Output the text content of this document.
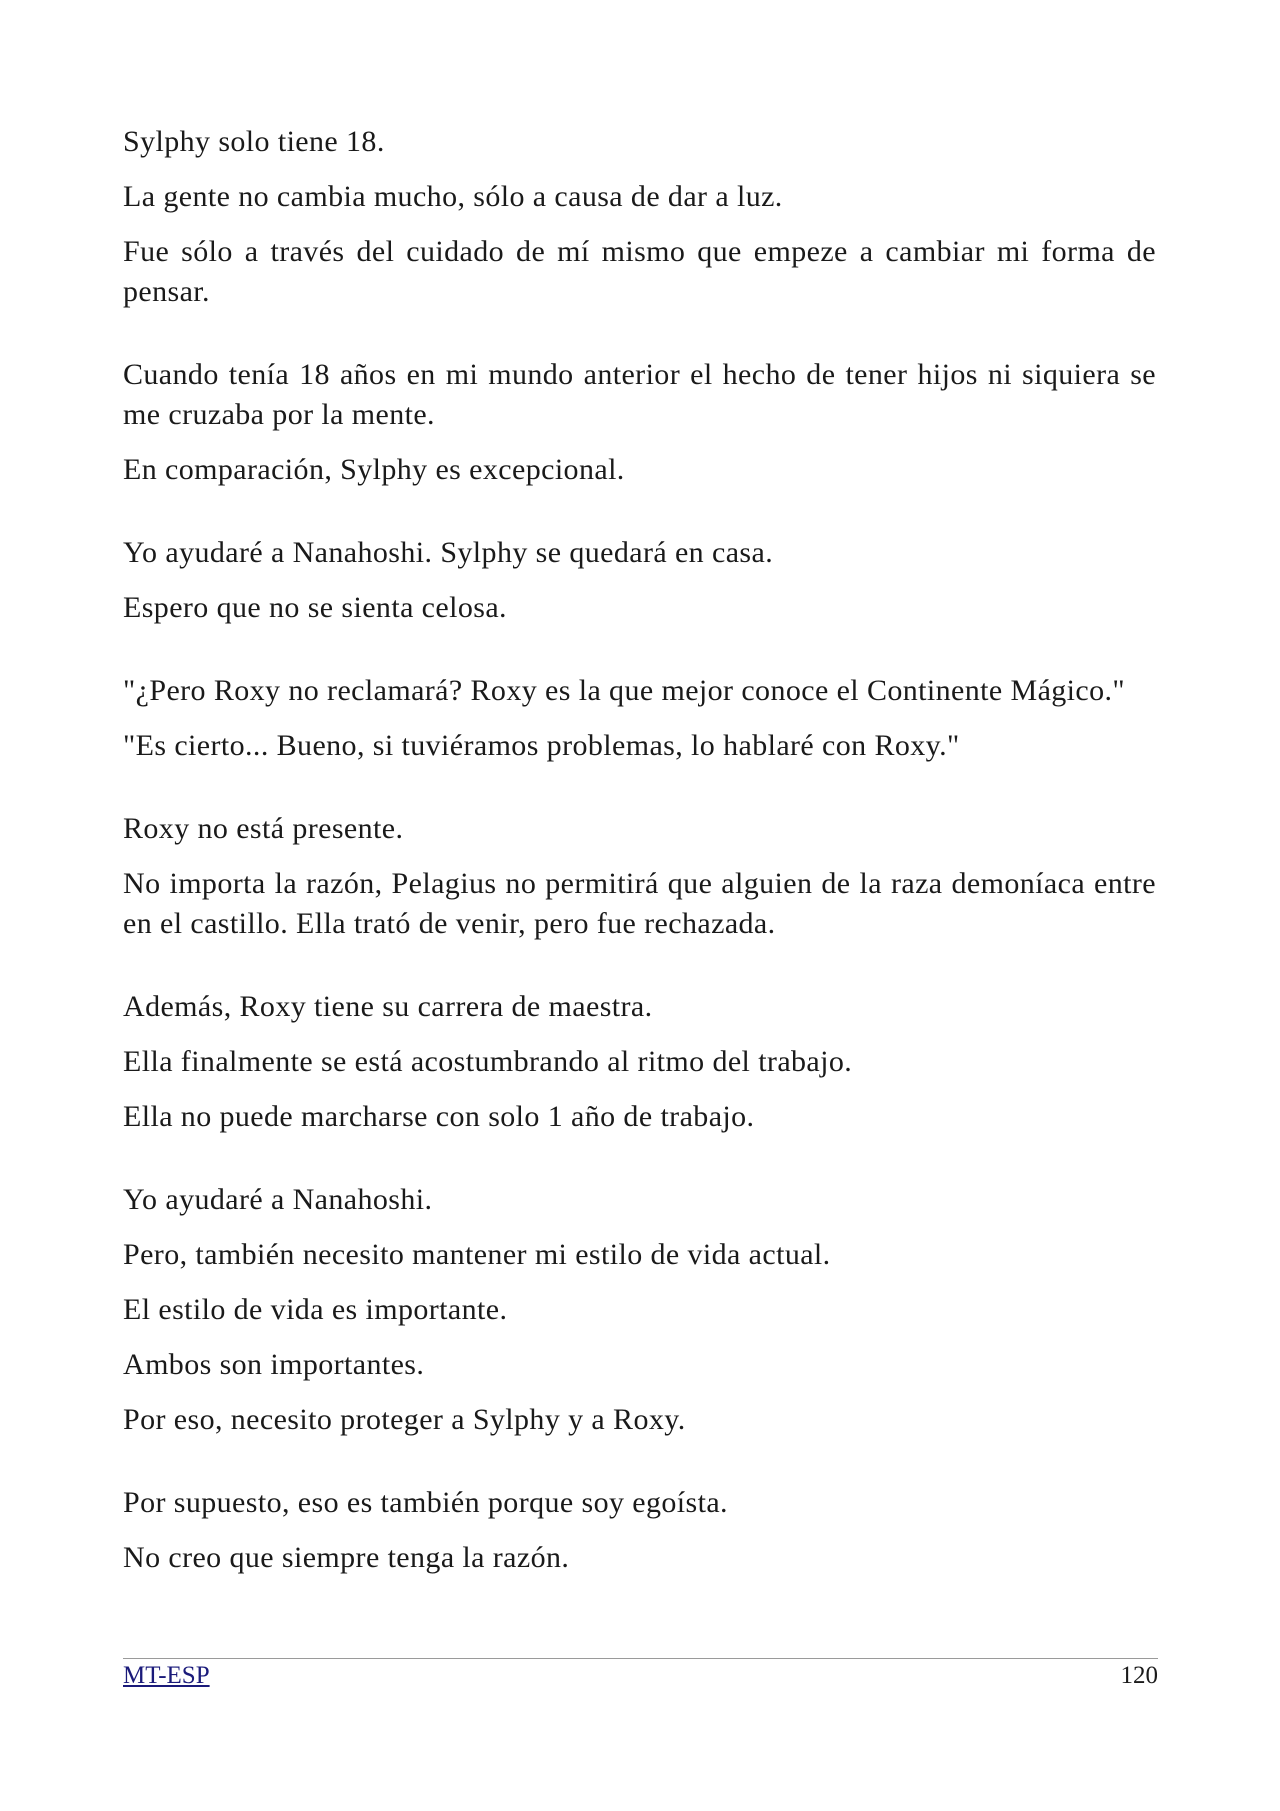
Sylphy solo tiene 18.

La gente no cambia mucho, sólo a causa de dar a luz.

Fue sólo a través del cuidado de mí mismo que empeze a cambiar mi forma de pensar.

Cuando tenía 18 años en mi mundo anterior el hecho de tener hijos ni siquiera se me cruzaba por la mente.

En comparación, Sylphy es excepcional.

Yo ayudaré a Nanahoshi. Sylphy se quedará en casa.

Espero que no se sienta celosa.

"¿Pero Roxy no reclamará? Roxy es la que mejor conoce el Continente Mágico."

"Es cierto... Bueno, si tuviéramos problemas, lo hablaré con Roxy."

Roxy no está presente.

No importa la razón, Pelagius no permitirá que alguien de la raza demoníaca entre en el castillo. Ella trató de venir, pero fue rechazada.

Además, Roxy tiene su carrera de maestra.

Ella finalmente se está acostumbrando al ritmo del trabajo.

Ella no puede marcharse con solo 1 año de trabajo.

Yo ayudaré a Nanahoshi.

Pero, también necesito mantener mi estilo de vida actual.

El estilo de vida es importante.

Ambos son importantes.

Por eso, necesito proteger a Sylphy y a Roxy.

Por supuesto, eso es también porque soy egoísta.

No creo que siempre tenga la razón.

MT-ESP	120
